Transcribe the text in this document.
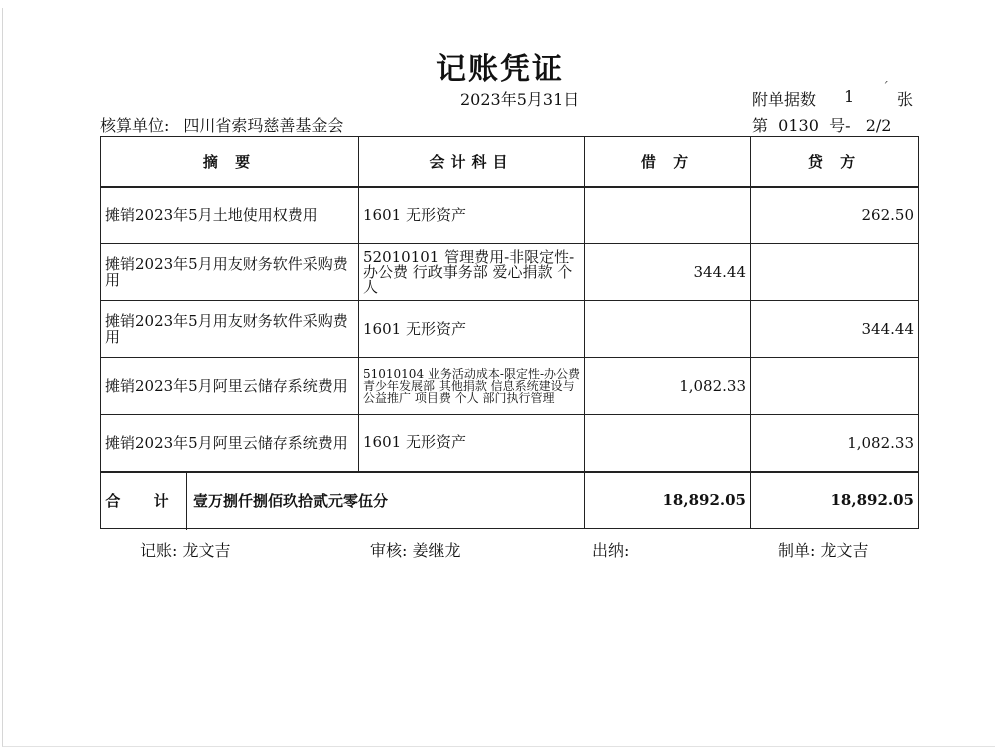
记账凭证
2023年5月31日	附单据数 1	张
ˊ
核算单位: 四川省索玛慈善基金会	第  0130  号-   2/2
摘 要	会计科目	借 方	贷 方
摊销2023年5月土地使用权费用	1601 无形资产		262.50
摊销2023年5月用友财务软件采购费用	52010101 管理费用-非限定性-办公费 行政事务部 爱心捐款 个人	344.44	
摊销2023年5月用友财务软件采购费用	1601 无形资产		344.44
摊销2023年5月阿里云储存系统费用	51010104 业务活动成本-限定性-办公费 青少年发展部 其他捐款 信息系统建设与公益推广 项目费 个人 部门执行管理	1,082.33	
摊销2023年5月阿里云储存系统费用	1601 无形资产		1,082.33

合 计 壹万捌仟捌佰玖拾贰元零伍分		18,892.05	18,892.05
记账: 龙文吉	审核: 姜继龙	出纳:	制单: 龙文吉
